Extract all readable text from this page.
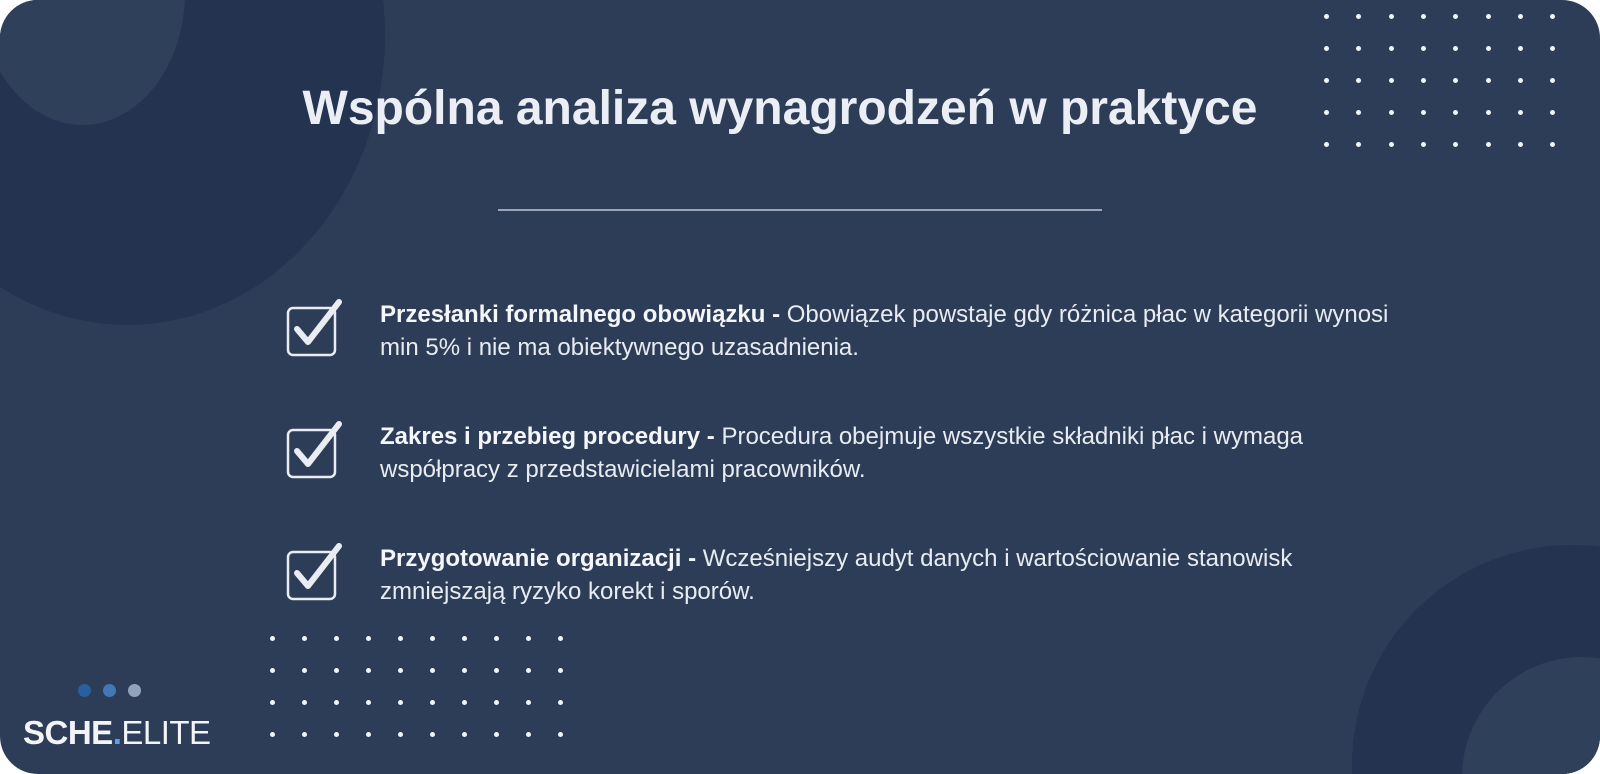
Wspólna analiza wynagrodzeń w praktyce

Przesłanki formalnego obowiązku - Obowiązek powstaje gdy różnica płac w kategorii wynosi min 5% i nie ma obiektywnego uzasadnienia.

Zakres i przebieg procedury - Procedura obejmuje wszystkie składniki płac i wymaga współpracy z przedstawicielami pracowników.

Przygotowanie organizacji - Wcześniejszy audyt danych i wartościowanie stanowisk zmniejszają ryzyko korekt i sporów.

SCHE.ELITE
